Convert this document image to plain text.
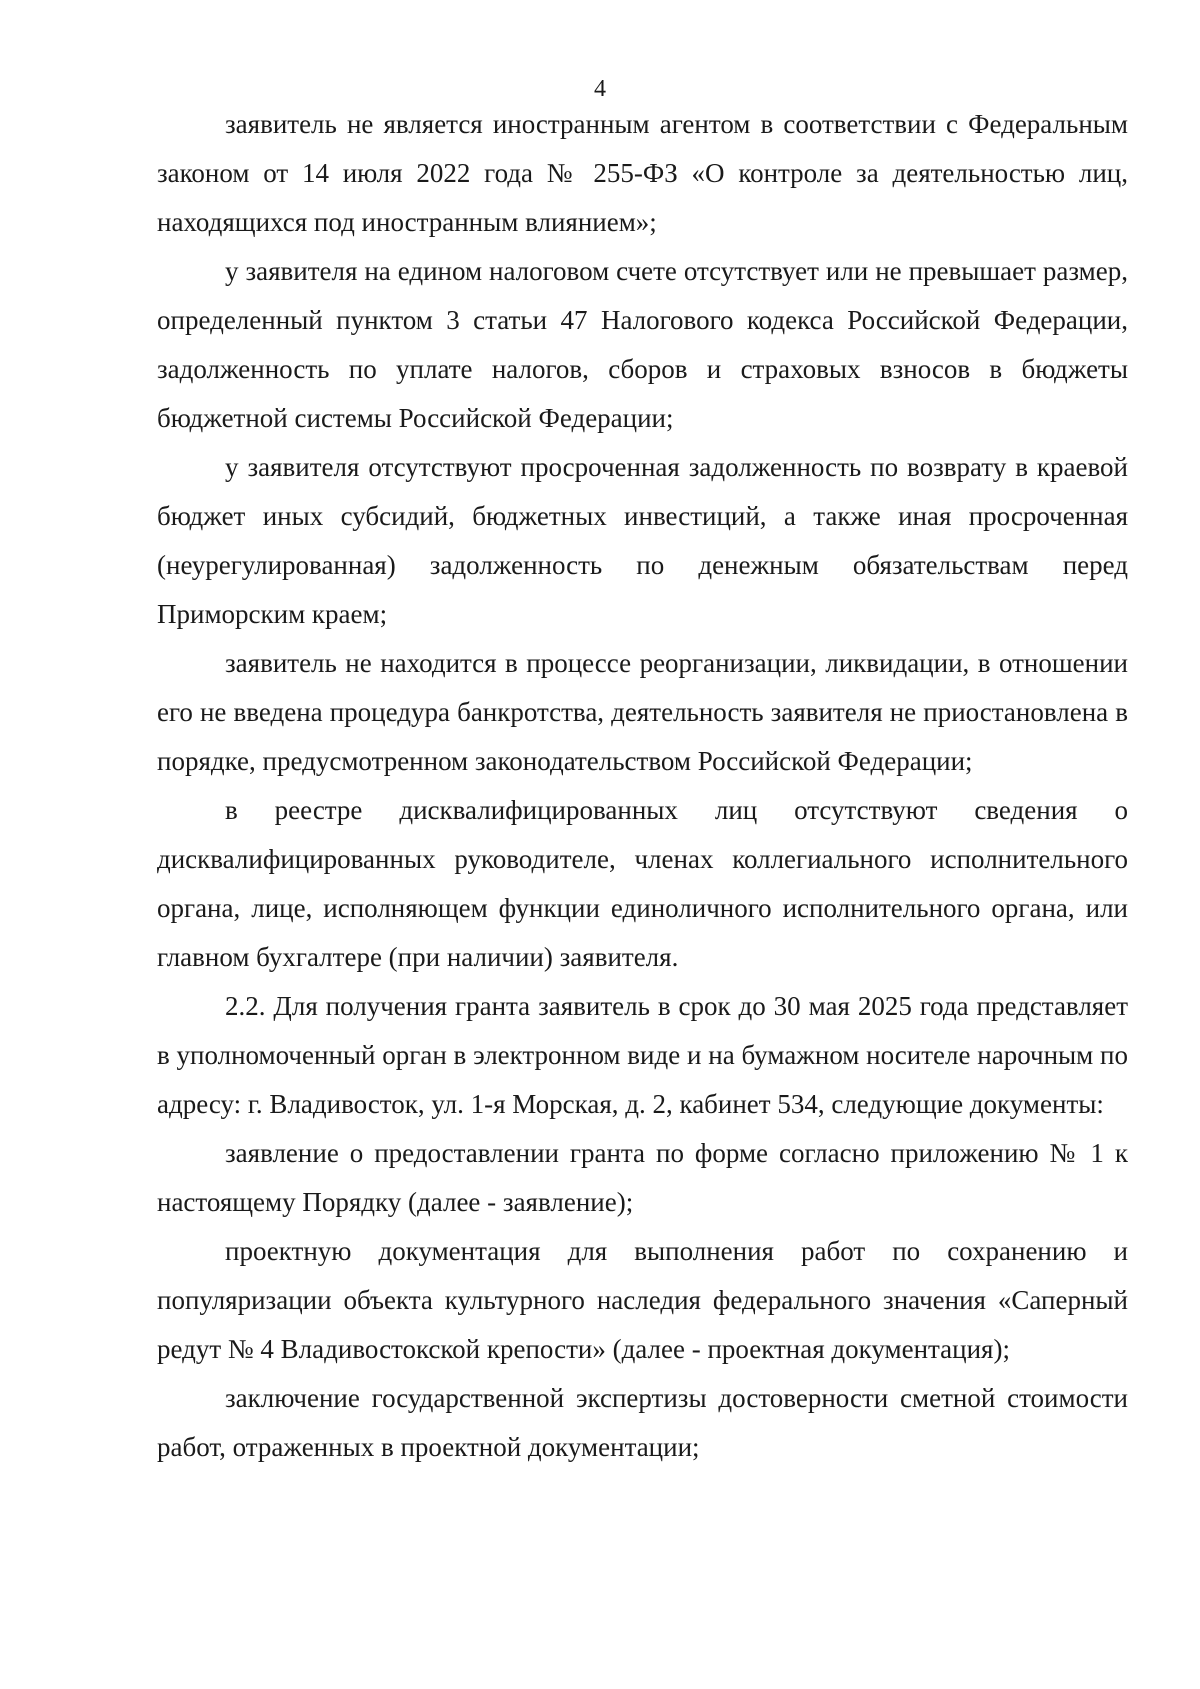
4

заявитель не является иностранным агентом в соответствии с Федеральным законом от 14 июля 2022 года № 255-ФЗ «О контроле за деятельностью лиц, находящихся под иностранным влиянием»;

у заявителя на едином налоговом счете отсутствует или не превышает размер, определенный пунктом 3 статьи 47 Налогового кодекса Российской Федерации, задолженность по уплате налогов, сборов и страховых взносов в бюджеты бюджетной системы Российской Федерации;

у заявителя отсутствуют просроченная задолженность по возврату в краевой бюджет иных субсидий, бюджетных инвестиций, а также иная просроченная (неурегулированная) задолженность по денежным обязательствам перед Приморским краем;

заявитель не находится в процессе реорганизации, ликвидации, в отношении его не введена процедура банкротства, деятельность заявителя не приостановлена в порядке, предусмотренном законодательством Российской Федерации;

в реестре дисквалифицированных лиц отсутствуют сведения о дисквалифицированных руководителе, членах коллегиального исполнительного органа, лице, исполняющем функции единоличного исполнительного органа, или главном бухгалтере (при наличии) заявителя.

2.2. Для получения гранта заявитель в срок до 30 мая 2025 года представляет в уполномоченный орган в электронном виде и на бумажном носителе нарочным по адресу: г. Владивосток, ул. 1-я Морская, д. 2, кабинет 534, следующие документы:

заявление о предоставлении гранта по форме согласно приложению № 1 к настоящему Порядку (далее - заявление);

проектную документация для выполнения работ по сохранению и популяризации объекта культурного наследия федерального значения «Саперный редут № 4 Владивостокской крепости» (далее - проектная документация);

заключение государственной экспертизы достоверности сметной стоимости работ, отраженных в проектной документации;
